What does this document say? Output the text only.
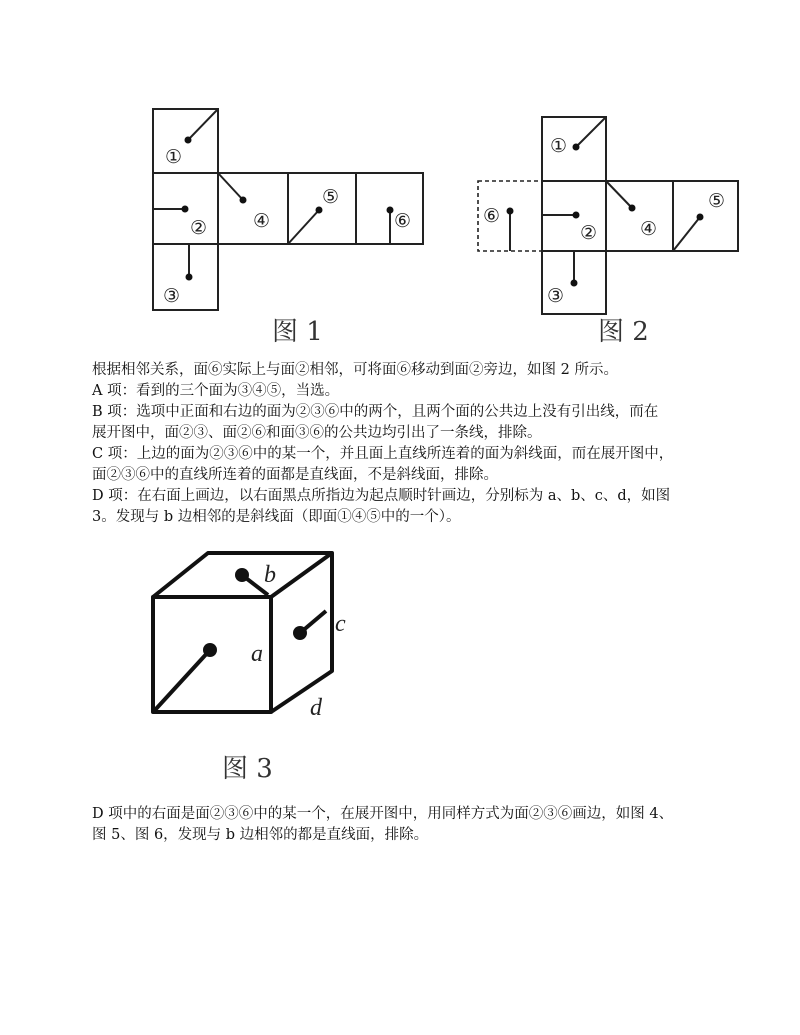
①
② ④
⑤
⑥
③
图 1
①
② ④
⑤
⑥
③
图 2
根据相邻关系，面⑥实际上与面②相邻，可将面⑥移动到面②旁边，如图 2 所示。
A 项：看到的三个面为③④⑤，当选。
B 项：选项中正面和右边的面为②③⑥中的两个，且两个面的公共边上没有引出线，而在
展开图中，面②③、面②⑥和面③⑥的公共边均引出了一条线，排除。
C 项：上边的面为②③⑥中的某一个，并且面上直线所连着的面为斜线面，而在展开图中，
面②③⑥中的直线所连着的面都是直线面，不是斜线面，排除。
D 项：在右面上画边，以右面黑点所指边为起点顺时针画边，分别标为 a、b、c、d，如图
3。发现与 b 边相邻的是斜线面（即面①④⑤中的一个）。
b
a
c
d
图 3
D 项中的右面是面②③⑥中的某一个，在展开图中，用同样方式为面②③⑥画边，如图 4、
图 5、图 6，发现与 b 边相邻的都是直线面，排除。
